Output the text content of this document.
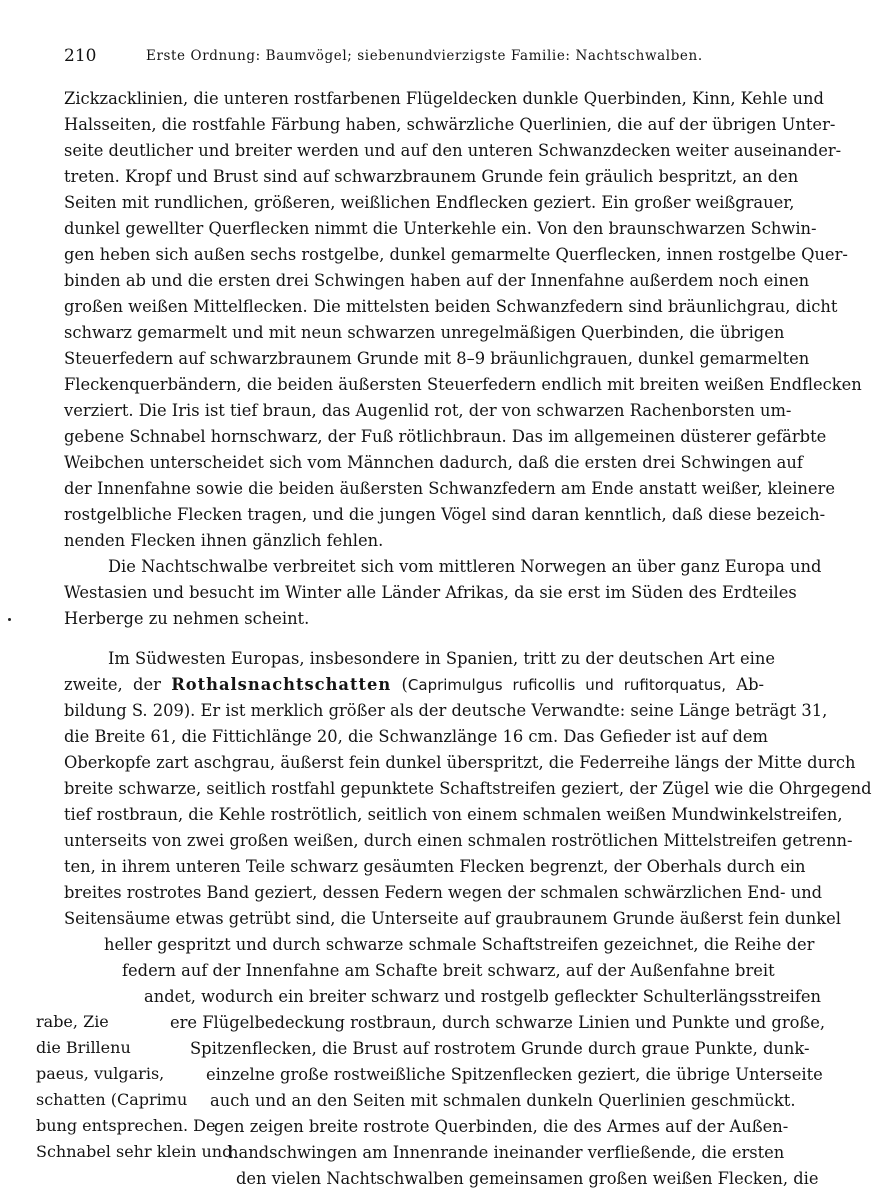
210	Erste Ordnung: Baumvögel; siebenundvierzigste Familie: Nachtschwalben.
Zickzacklinien, die unteren rostfarbenen Flügeldecken dunkle Querbinden, Kinn, Kehle und
Halsseiten, die rostfahle Färbung haben, schwärzliche Querlinien, die auf der übrigen Unter-
seite deutlicher und breiter werden und auf den unteren Schwanzdecken weiter auseinander-
treten. Kropf und Brust sind auf schwarzbraunem Grunde fein gräulich bespritzt, an den
Seiten mit rundlichen, größeren, weißlichen Endflecken geziert. Ein großer weißgrauer,
dunkel gewellter Querflecken nimmt die Unterkehle ein. Von den braunschwarzen Schwin-
gen heben sich außen sechs rostgelbe, dunkel gemarmelte Querflecken, innen rostgelbe Quer-
binden ab und die ersten drei Schwingen haben auf der Innenfahne außerdem noch einen
großen weißen Mittelflecken. Die mittelsten beiden Schwanzfedern sind bräunlichgrau, dicht
schwarz gemarmelt und mit neun schwarzen unregelmäßigen Querbinden, die übrigen
Steuerfedern auf schwarzbraunem Grunde mit 8–9 bräunlichgrauen, dunkel gemarmelten
Fleckenquerbändern, die beiden äußersten Steuerfedern endlich mit breiten weißen Endflecken
verziert. Die Iris ist tief braun, das Augenlid rot, der von schwarzen Rachenborsten um-
gebene Schnabel hornschwarz, der Fuß rötlichbraun. Das im allgemeinen düsterer gefärbte
Weibchen unterscheidet sich vom Männchen dadurch, daß die ersten drei Schwingen auf
der Innenfahne sowie die beiden äußersten Schwanzfedern am Ende anstatt weißer, kleinere
rostgelbliche Flecken tragen, und die jungen Vögel sind daran kenntlich, daß diese bezeich-
nenden Flecken ihnen gänzlich fehlen.
Die Nachtschwalbe verbreitet sich vom mittleren Norwegen an über ganz Europa und
Westasien und besucht im Winter alle Länder Afrikas, da sie erst im Süden des Erdteiles
Herberge zu nehmen scheint.
Im Südwesten Europas, insbesondere in Spanien, tritt zu der deutschen Art eine
zweite, der Rothalsnachtschatten (Caprimulgus ruficollis und rufitorquatus, Ab-
bildung S. 209). Er ist merklich größer als der deutsche Verwandte: seine Länge beträgt 31,
die Breite 61, die Fittichlänge 20, die Schwanzlänge 16 cm. Das Gefieder ist auf dem
Oberkopfe zart aschgrau, äußerst fein dunkel überspritzt, die Federreihe längs der Mitte durch
breite schwarze, seitlich rostfahl gepunktete Schaftstreifen geziert, der Zügel wie die Ohrgegend
tief rostbraun, die Kehle roströtlich, seitlich von einem schmalen weißen Mundwinkelstreifen,
unterseits von zwei großen weißen, durch einen schmalen roströtlichen Mittelstreifen getrenn-
ten, in ihrem unteren Teile schwarz gesäumten Flecken begrenzt, der Oberhals durch ein
breites rostrotes Band geziert, dessen Federn wegen der schmalen schwärzlichen End- und
Seitensäume etwas getrübt sind, die Unterseite auf graubraunem Grunde äußerst fein dunkel
heller gespritzt und durch schwarze schmale Schaftstreifen gezeichnet, die Reihe der
federn auf der Innenfahne am Schafte breit schwarz, auf der Außenfahne breit
andet, wodurch ein breiter schwarz und rostgelb gefleckter Schulterlängsstreifen
ere Flügelbedeckung rostbraun, durch schwarze Linien und Punkte und große,
Spitzenflecken, die Brust auf rostrotem Grunde durch graue Punkte, dunk-
einzelne große rostweißliche Spitzenflecken geziert, die übrige Unterseite
auch und an den Seiten mit schmalen dunkeln Querlinien geschmückt.
gen zeigen breite rostrote Querbinden, die des Armes auf der Außen-
handschwingen am Innenrande ineinander verfließende, die ersten
den vielen Nachtschwalben gemeinsamen großen weißen Flecken, die
rabe, Zie
die Brillenu
paeus, vulgaris,
schatten (Caprimu
bung entsprechen. De
Schnabel sehr klein und
